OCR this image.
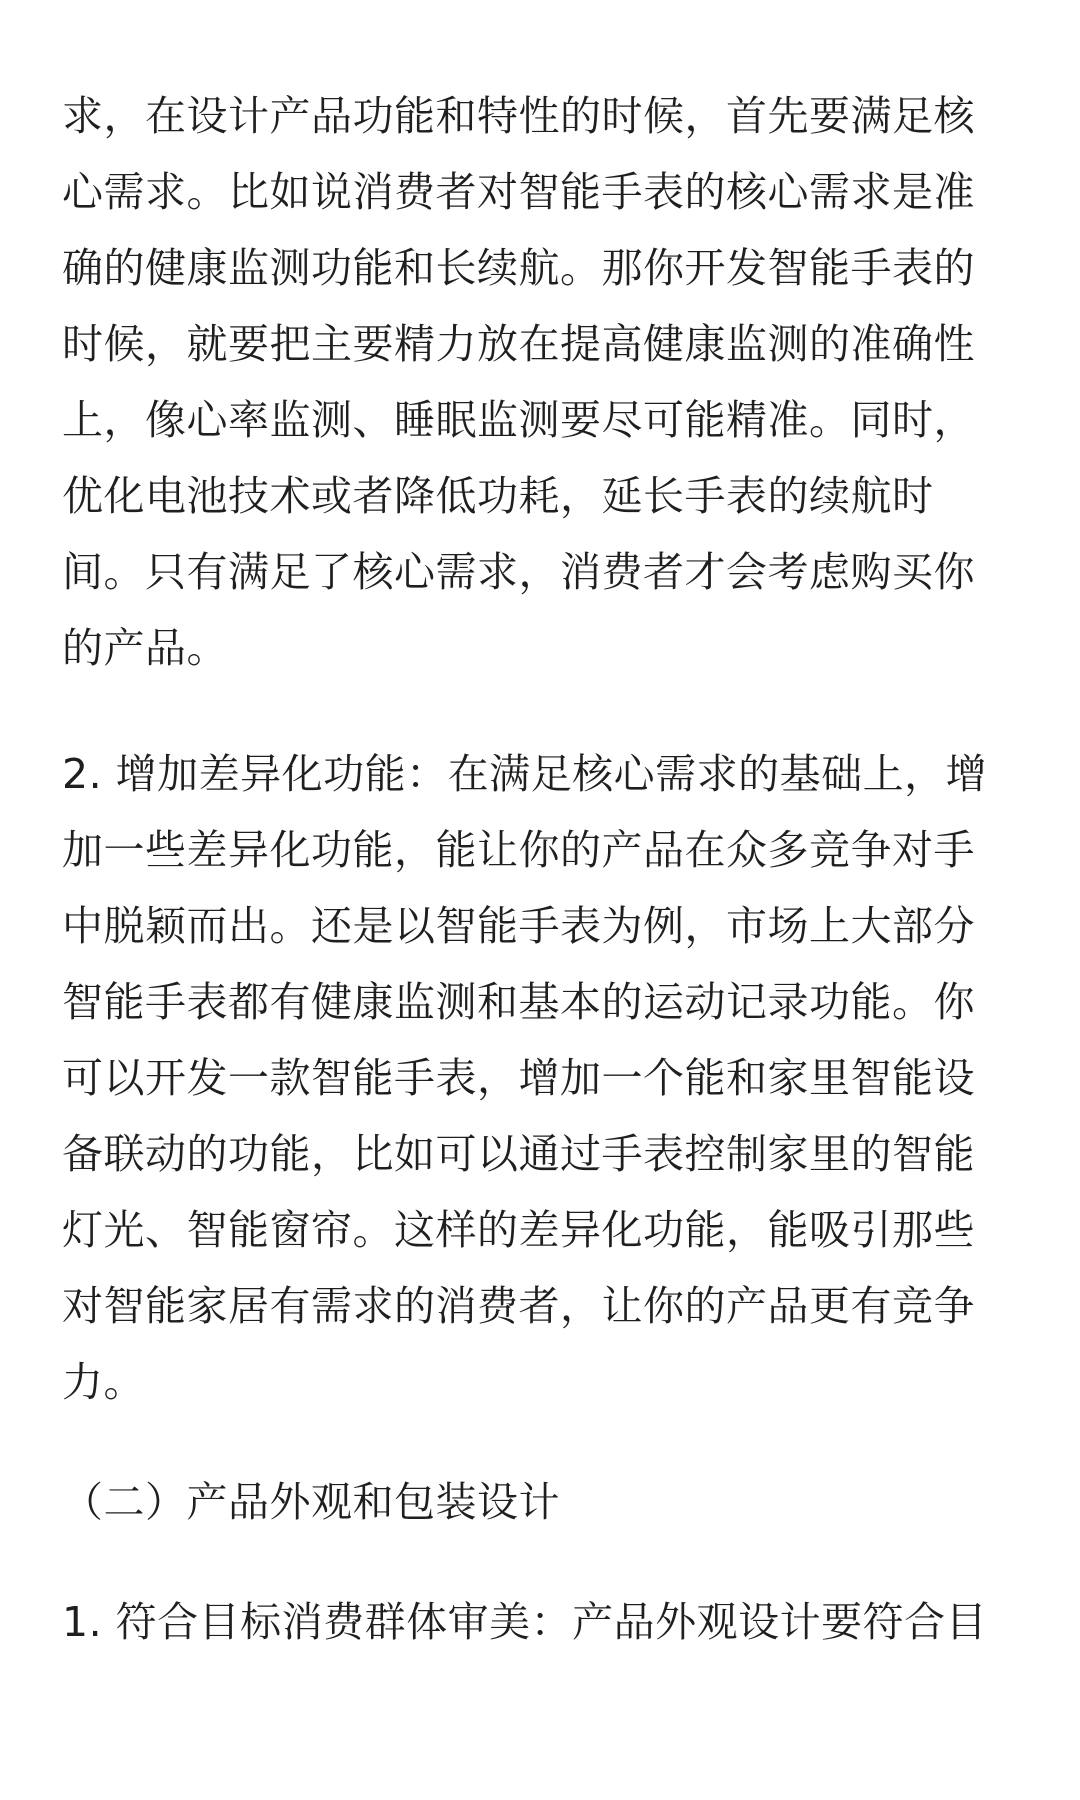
求，在设计产品功能和特性的时候，首先要满足核
心需求。比如说消费者对智能手表的核心需求是准
确的健康监测功能和长续航。那你开发智能手表的
时候，就要把主要精力放在提高健康监测的准确性
上，像心率监测、睡眠监测要尽可能精准。同时，
优化电池技术或者降低功耗，延长手表的续航时
间。只有满足了核心需求，消费者才会考虑购买你
的产品。
2. 增加差异化功能：在满足核心需求的基础上，增
加一些差异化功能，能让你的产品在众多竞争对手
中脱颖而出。还是以智能手表为例，市场上大部分
智能手表都有健康监测和基本的运动记录功能。你
可以开发一款智能手表，增加一个能和家里智能设
备联动的功能，比如可以通过手表控制家里的智能
灯光、智能窗帘。这样的差异化功能，能吸引那些
对智能家居有需求的消费者，让你的产品更有竞争
力。
（二）产品外观和包装设计
1. 符合目标消费群体审美：产品外观设计要符合目
